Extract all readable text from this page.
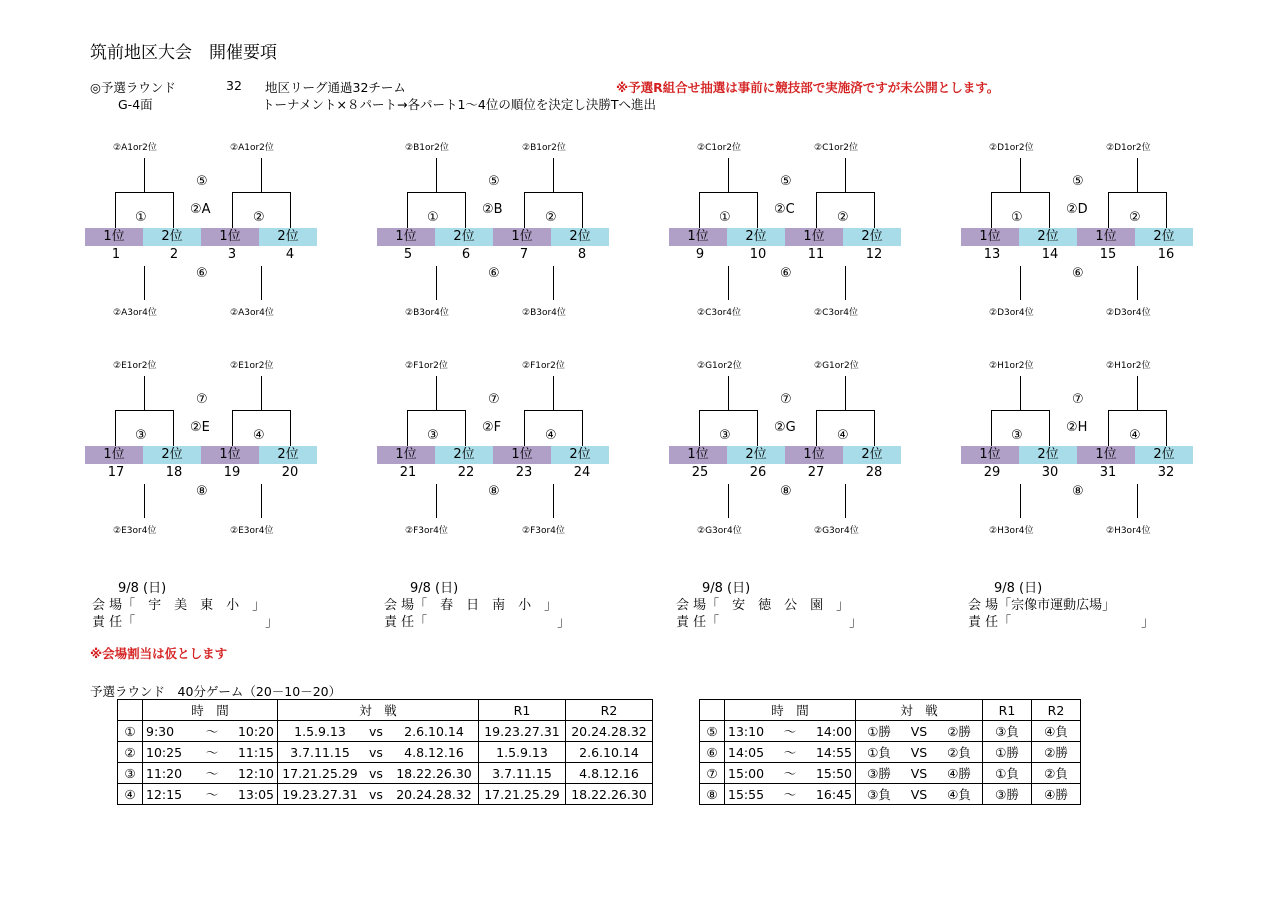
筑前地区大会　開催要項
◎予選ラウンド	32 地区リーグ通過32チーム	※予選R組合せ抽選は事前に競技部で実施済ですが未公開とします。
G-4面	トーナメント×８パート→各パート1～4位の順位を決定し決勝Tへ進出
②A1or2位	②A1or2位
②A3or4位	②A3or4位
⑤
②A
⑥
①	②
1位	2位	1位	2位
1	2	3	4
②B1or2位	②B1or2位
②B3or4位	②B3or4位
⑤
②B
⑥
①	②
1位	2位	1位	2位
5	6	7	8
②C1or2位	②C1or2位
②C3or4位	②C3or4位
⑤
②C
⑥
①	②
1位	2位	1位	2位
9	10	11	12
②D1or2位	②D1or2位
②D3or4位	②D3or4位
⑤
②D
⑥
①	②
1位	2位	1位	2位
13	14	15	16
②E1or2位	②E1or2位
②E3or4位	②E3or4位
⑦
②E
⑧
③	④
1位	2位	1位	2位
17	18	19	20
②F1or2位	②F1or2位
②F3or4位	②F3or4位
⑦
②F
⑧
③	④
1位	2位	1位	2位
21	22	23	24
②G1or2位	②G1or2位
②G3or4位	②G3or4位
⑦
②G
⑧
③	④
1位	2位	1位	2位
25	26	27	28
②H1or2位	②H1or2位
②H3or4位	②H3or4位
⑦
②H
⑧
③	④
1位	2位	1位	2位
29	30	31	32
9/8 (日)
会 場「　宇　美　東　小　」
責 任「　　　　　　　　　　」
9/8 (日)
会 場「　春　日　南　小　」
責 任「　　　　　　　　　　」
9/8 (日)
会 場「　安　徳　公　園　」
責 任「　　　　　　　　　　」
9/8 (日)
会 場「宗像市運動広場」
責 任「　　　　　　　　　　」
※会場割当は仮とします
予選ラウンド　40分ゲーム（20－10－20）
	時　間			対　戦			R1	R2
①	9:30	～	10:20	1.5.9.13	vs	2.6.10.14	19.23.27.31	20.24.28.32
②	10:25	～	11:15	3.7.11.15	vs	4.8.12.16	1.5.9.13	2.6.10.14
③	11:20	～	12:10	17.21.25.29	vs	18.22.26.30	3.7.11.15	4.8.12.16
④	12:15	～	13:05	19.23.27.31	vs	20.24.28.32	17.21.25.29	18.22.26.30
	時　間			対　戦			R1	R2
⑤	13:10	～	14:00	①勝	VS	②勝	③負	④負
⑥	14:05	～	14:55	①負	VS	②負	①勝	②勝
⑦	15:00	～	15:50	③勝	VS	④勝	①負	②負
⑧	15:55	～	16:45	③負	VS	④負	③勝	④勝
